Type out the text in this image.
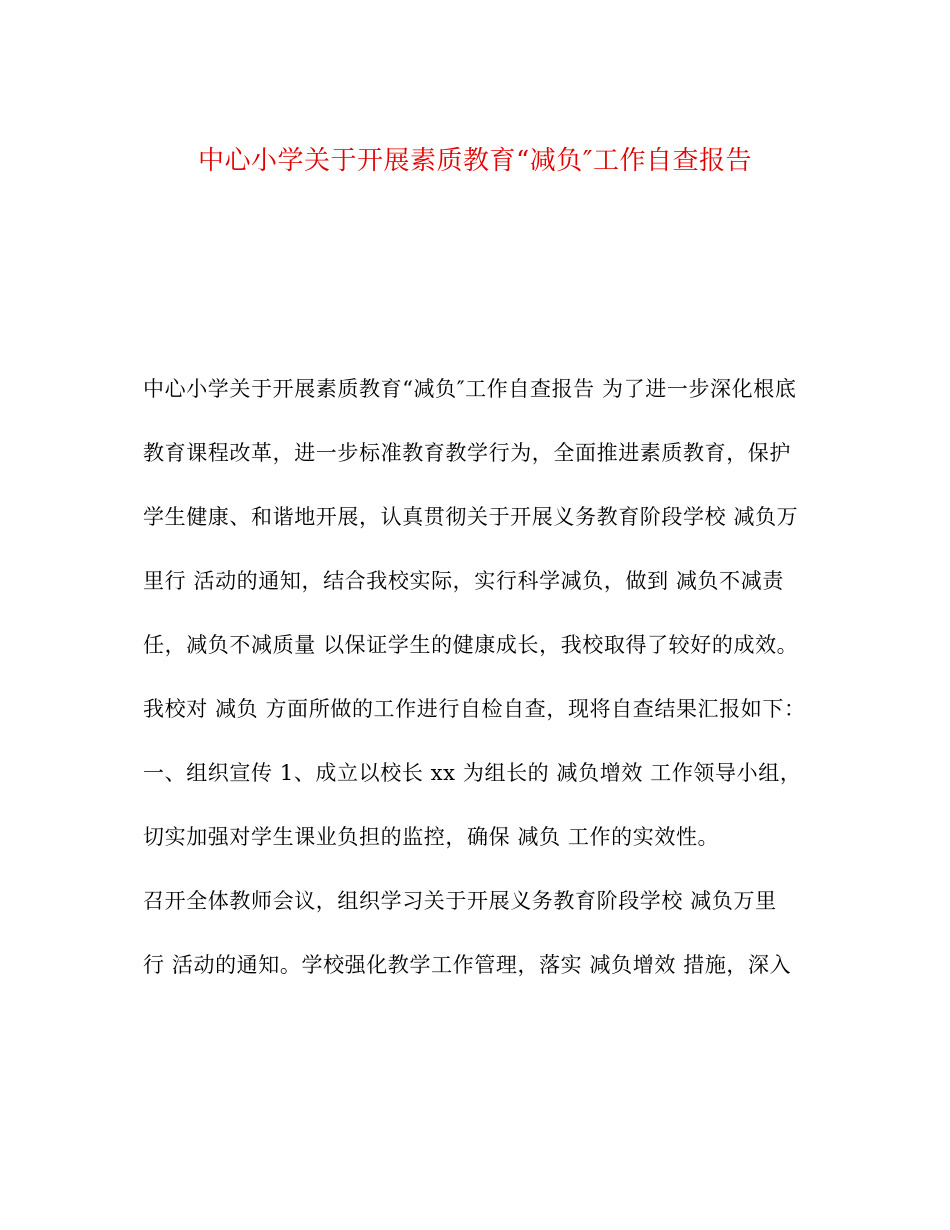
中心小学关于开展素质教育“减负″工作自查报告
中心小学关于开展素质教育“减负″工作自查报告 为了进一步深化根底
教育课程改革，进一步标准教育教学行为，全面推进素质教育，保护
学生健康、和谐地开展，认真贯彻关于开展义务教育阶段学校 减负万
里行 活动的通知，结合我校实际，实行科学减负，做到 减负不减责
任，减负不减质量 以保证学生的健康成长，我校取得了较好的成效。
我校对 减负 方面所做的工作进行自检自查，现将自查结果汇报如下：
一、组织宣传 1、成立以校长 xx 为组长的 减负增效 工作领导小组，
切实加强对学生课业负担的监控，确保 减负 工作的实效性。
召开全体教师会议，组织学习关于开展义务教育阶段学校 减负万里
行 活动的通知。学校强化教学工作管理，落实 减负增效 措施，深入
